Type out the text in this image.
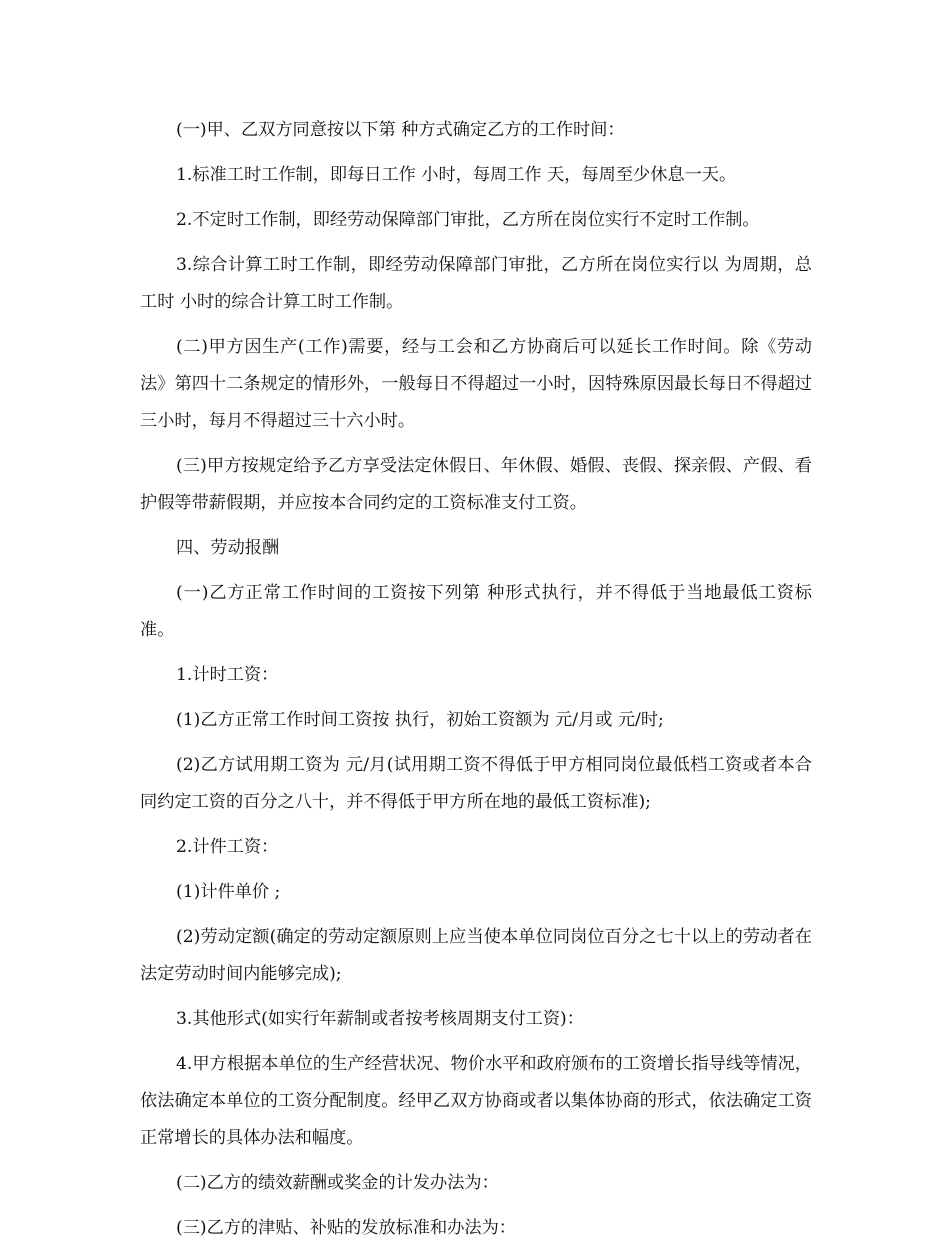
(一)甲、乙双方同意按以下第 种方式确定乙方的工作时间：

1.标准工时工作制，即每日工作 小时，每周工作 天，每周至少休息一天。

2.不定时工作制，即经劳动保障部门审批，乙方所在岗位实行不定时工作制。

3.综合计算工时工作制，即经劳动保障部门审批，乙方所在岗位实行以 为周期，总工时 小时的综合计算工时工作制。

(二)甲方因生产(工作)需要，经与工会和乙方协商后可以延长工作时间。除《劳动法》第四十二条规定的情形外，一般每日不得超过一小时，因特殊原因最长每日不得超过三小时，每月不得超过三十六小时。

(三)甲方按规定给予乙方享受法定休假日、年休假、婚假、丧假、探亲假、产假、看护假等带薪假期，并应按本合同约定的工资标准支付工资。

四、劳动报酬

(一)乙方正常工作时间的工资按下列第 种形式执行，并不得低于当地最低工资标准。

1.计时工资：

(1)乙方正常工作时间工资按 执行，初始工资额为 元/月或 元/时;

(2)乙方试用期工资为 元/月(试用期工资不得低于甲方相同岗位最低档工资或者本合同约定工资的百分之八十，并不得低于甲方所在地的最低工资标准);

2.计件工资：

(1)计件单价 ;

(2)劳动定额(确定的劳动定额原则上应当使本单位同岗位百分之七十以上的劳动者在法定劳动时间内能够完成);

3.其他形式(如实行年薪制或者按考核周期支付工资)：

4.甲方根据本单位的生产经营状况、物价水平和政府颁布的工资增长指导线等情况，依法确定本单位的工资分配制度。经甲乙双方协商或者以集体协商的形式，依法确定工资正常增长的具体办法和幅度。

(二)乙方的绩效薪酬或奖金的计发办法为：

(三)乙方的津贴、补贴的发放标准和办法为：
